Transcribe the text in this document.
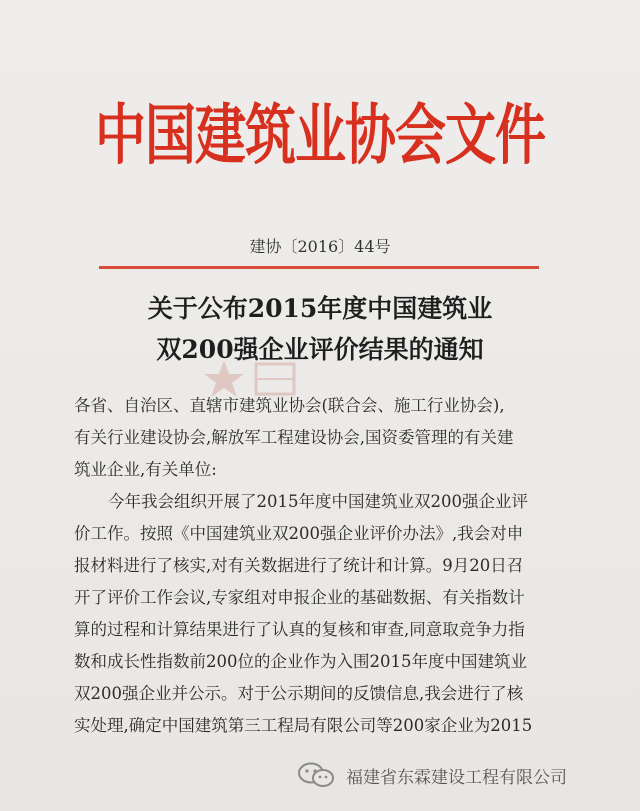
中国建筑业协会文件
建协〔2016〕44号
关于公布2015年度中国建筑业
双200强企业评价结果的通知
各省、自治区、直辖市建筑业协会(联合会、施工行业协会),
有关行业建设协会,解放军工程建设协会,国资委管理的有关建
筑业企业,有关单位:
今年我会组织开展了2015年度中国建筑业双200强企业评
价工作。按照《中国建筑业双200强企业评价办法》,我会对申
报材料进行了核实,对有关数据进行了统计和计算。9月20日召
开了评价工作会议,专家组对申报企业的基础数据、有关指数计
算的过程和计算结果进行了认真的复核和审查,同意取竞争力指
数和成长性指数前200位的企业作为入围2015年度中国建筑业
双200强企业并公示。对于公示期间的反馈信息,我会进行了核
实处理,确定中国建筑第三工程局有限公司等200家企业为2015
福建省东霖建设工程有限公司
